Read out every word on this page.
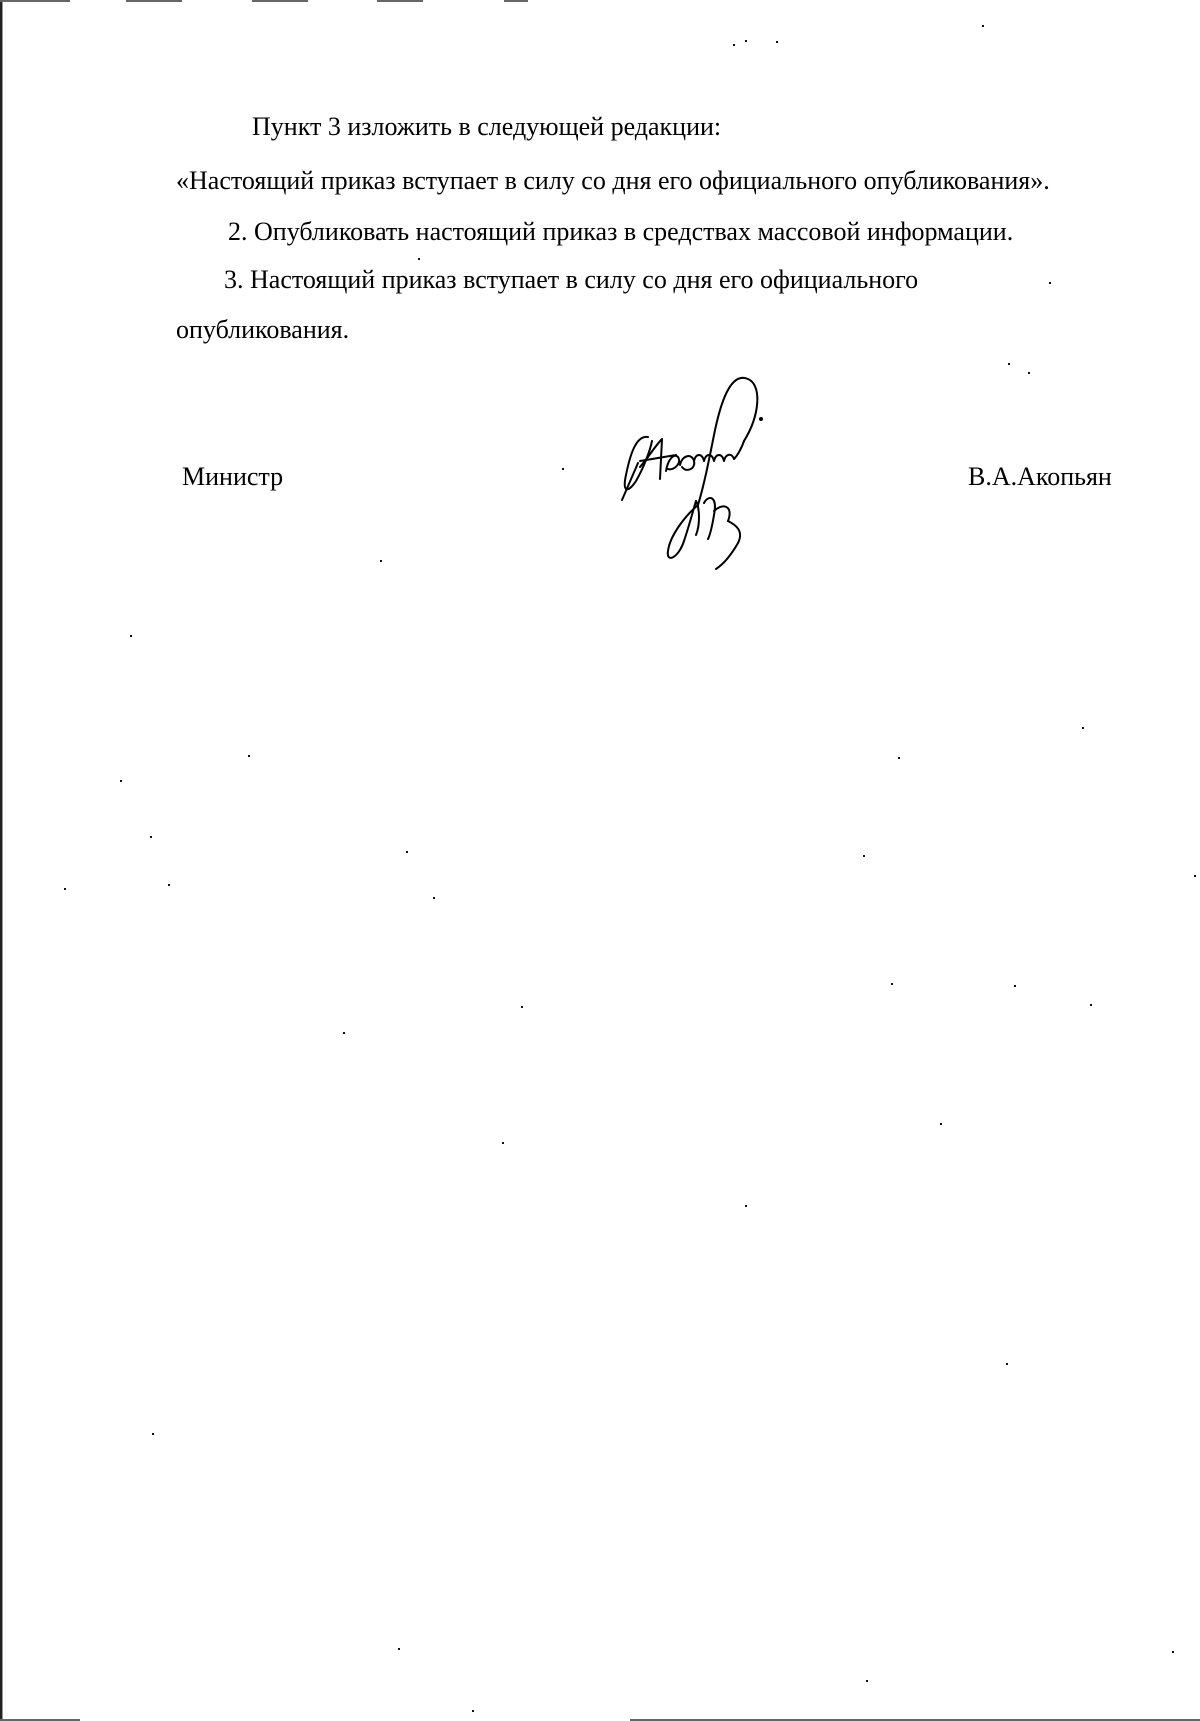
Пункт 3 изложить в следующей редакции:
«Настоящий приказ вступает в силу со дня его официального опубликования».
2. Опубликовать настоящий приказ в средствах массовой информации.
3. Настоящий приказ вступает в силу со дня его официального
опубликования.
Министр	В.А.Акопьян
